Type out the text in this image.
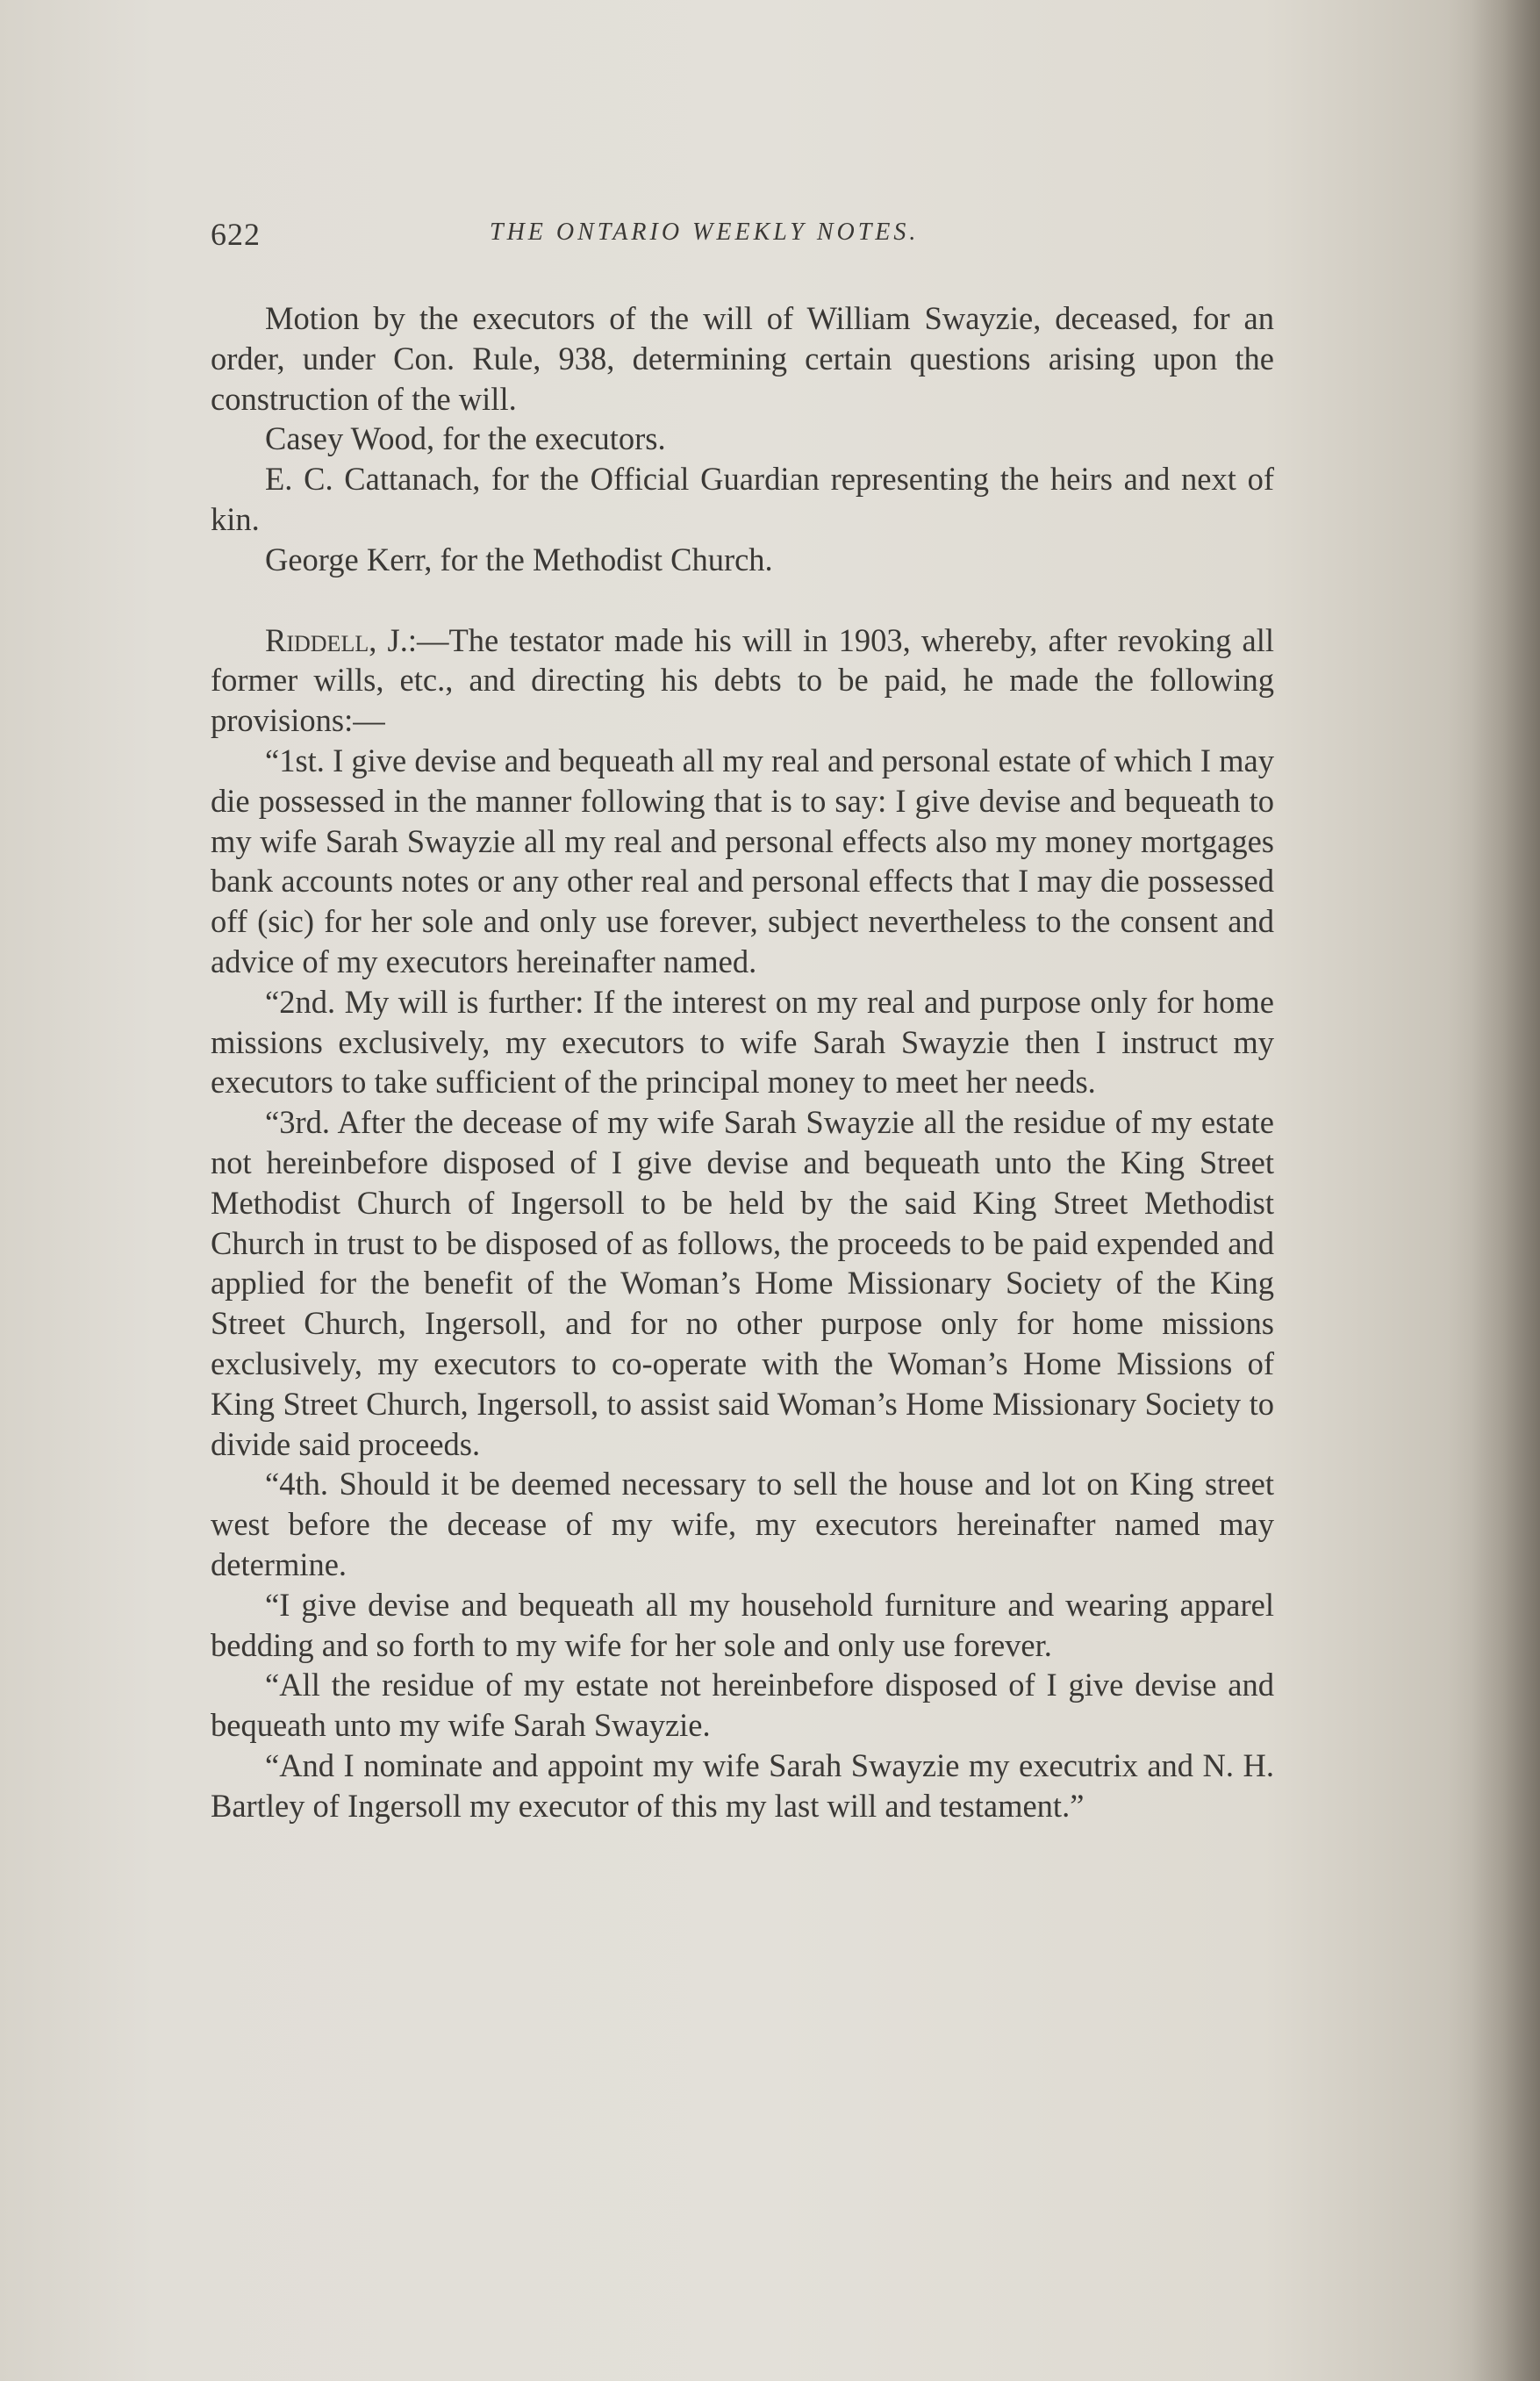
622	THE ONTARIO WEEKLY NOTES.

Motion by the executors of the will of William Swayzie, deceased, for an order, under Con. Rule, 938, determining certain questions arising upon the construction of the will.

Casey Wood, for the executors.

E. C. Cattanach, for the Official Guardian representing the heirs and next of kin.

George Kerr, for the Methodist Church.

Riddell, J.:—The testator made his will in 1903, whereby, after revoking all former wills, etc., and directing his debts to be paid, he made the following provisions:—

“1st. I give devise and bequeath all my real and personal estate of which I may die possessed in the manner following that is to say: I give devise and bequeath to my wife Sarah Swayzie all my real and personal effects also my money mortgages bank accounts notes or any other real and personal effects that I may die possessed off (sic) for her sole and only use forever, subject nevertheless to the consent and advice of my executors hereinafter named.

“2nd. My will is further: If the interest on my real and purpose only for home missions exclusively, my executors to wife Sarah Swayzie then I instruct my executors to take sufficient of the principal money to meet her needs.

“3rd. After the decease of my wife Sarah Swayzie all the residue of my estate not hereinbefore disposed of I give devise and bequeath unto the King Street Methodist Church of Ingersoll to be held by the said King Street Methodist Church in trust to be disposed of as follows, the proceeds to be paid expended and applied for the benefit of the Woman’s Home Missionary Society of the King Street Church, Ingersoll, and for no other purpose only for home missions exclusively, my executors to co-operate with the Woman’s Home Missions of King Street Church, Ingersoll, to assist said Woman’s Home Missionary Society to divide said proceeds.

“4th. Should it be deemed necessary to sell the house and lot on King street west before the decease of my wife, my executors hereinafter named may determine.

“I give devise and bequeath all my household furniture and wearing apparel bedding and so forth to my wife for her sole and only use forever.

“All the residue of my estate not hereinbefore disposed of I give devise and bequeath unto my wife Sarah Swayzie.

“And I nominate and appoint my wife Sarah Swayzie my executrix and N. H. Bartley of Ingersoll my executor of this my last will and testament.”
